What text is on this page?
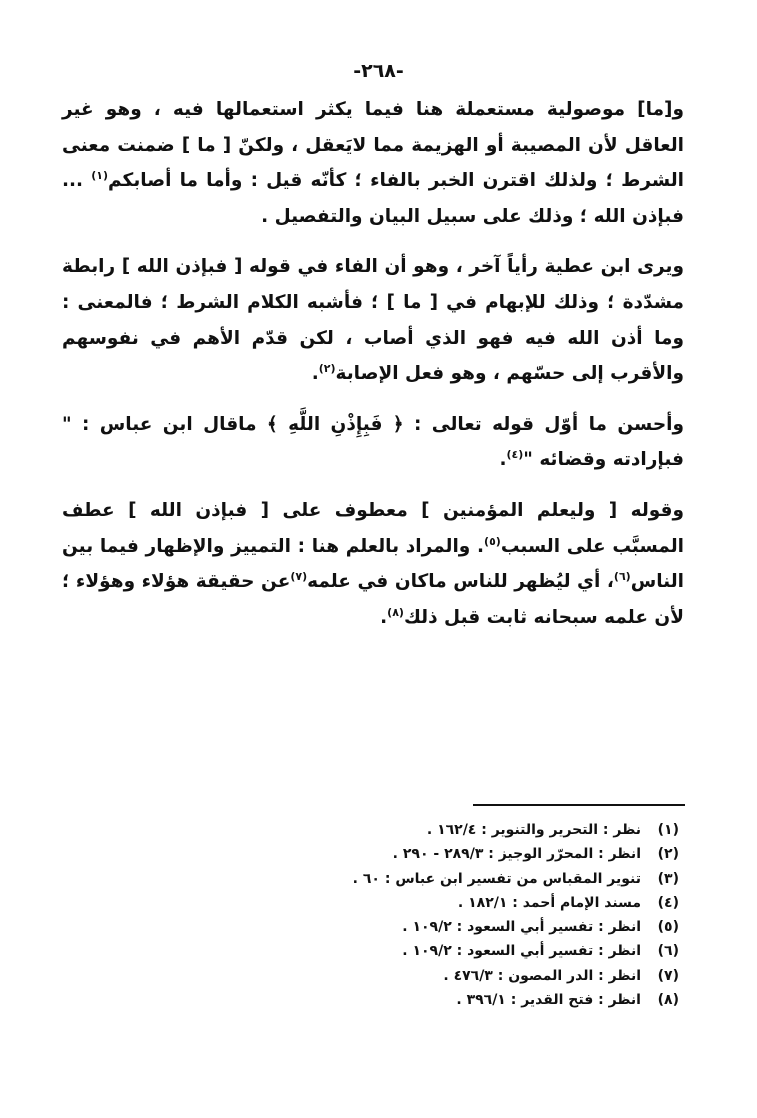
-٢٦٨-

و[ما] موصولية مستعملة هنا فيما يكثر استعمالها فيه ، وهو غير العاقل لأن المصيبة أو الهزيمة مما لايَعقل ، ولكنّ [ ما ] ضمنت معنى الشرط ؛ ولذلك اقترن الخبر بالفاء ؛ كأنّه قيل : وأما ما أصابكم$^{(١)}$ ... فبإذن الله ؛ وذلك على سبيل البيان والتفصيل .

ويرى ابن عطية رأياً آخر ، وهو أن الفاء في قوله [ فبإذن الله ] رابطة مشدّدة ؛ وذلك للإبهام في [ ما ] ؛ فأشبه الكلام الشرط ؛ فالمعنى : وما أذن الله فيه فهو الذي أصاب ، لكن قدّم الأهم في نفوسهم والأقرب إلى حسّهم ، وهو فعل الإصابة$^{(٢)}$.

وأحسن ما أوّل قوله تعالى : ﴿ فَبِإِذْنِ اللَّهِ ﴾ ماقال ابن عباس : " فبإرادته وقضائه "$^{(٤)}$.

وقوله [ وليعلم المؤمنين ] معطوف على [ فبإذن الله ] عطف المسبَّب على السبب$^{(٥)}$. والمراد بالعلم هنا : التمييز والإظهار فيما بين الناس$^{(٦)}$، أي ليُظهر للناس ماكان في علمه$^{(٧)}$عن حقيقة هؤلاء وهؤلاء ؛ لأن علمه سبحانه ثابت قبل ذلك$^{(٨)}$.

(١)
نظر : التحرير والتنوير : ١٦٢/٤ .
(٢)
انظر : المحرّر الوجيز : ٢٨٩/٣ - ٢٩٠ .
(٣)
تنوير المقباس من تفسير ابن عباس : ٦٠ .
(٤)
مسند الإمام أحمد : ١٨٢/١ .
(٥)
انظر : تفسير أبي السعود : ١٠٩/٢ .
(٦)
انظر : تفسير أبي السعود : ١٠٩/٢ .
(٧)
انظر : الدر المصون : ٤٧٦/٣ .
(٨)
انظر : فتح القدير : ٣٩٦/١ .
